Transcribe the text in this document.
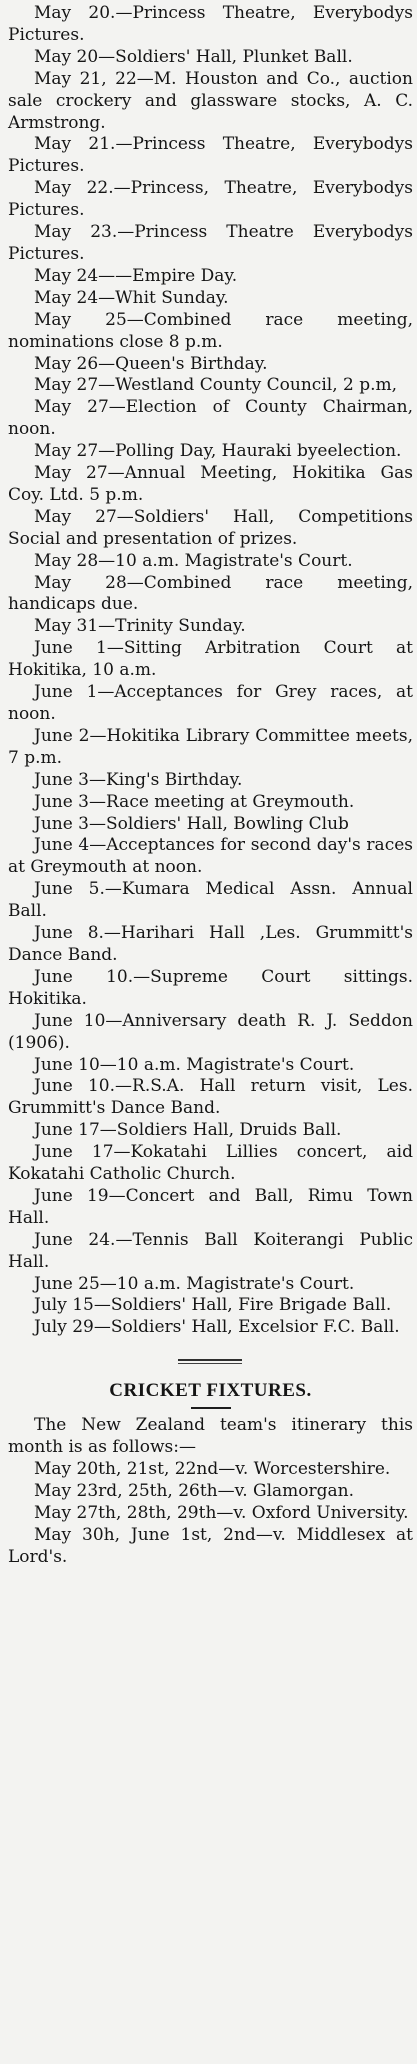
May 20.—Princess Theatre, Everybodys Pictures.

May 20—Soldiers' Hall, Plunket Ball.

May 21, 22—M. Houston and Co., auction sale crockery and glassware stocks, A. C. Armstrong.

May 21.—Princess Theatre, Everybodys Pictures.

May 22.—Princess, Theatre, Everybodys Pictures.

May 23.—Princess Theatre Everybodys Pictures.

May 24——Empire Day.

May 24—Whit Sunday.

May 25—Combined race meeting, nominations close 8 p.m.

May 26—Queen's Birthday.

May 27—Westland County Council, 2 p.m,

May 27—Election of County Chairman, noon.

May 27—Polling Day, Hauraki byeelection.

May 27—Annual Meeting, Hokitika Gas Coy. Ltd. 5 p.m.

May 27—Soldiers' Hall, Competitions Social and presentation of prizes.

May 28—10 a.m. Magistrate's Court.

May 28—Combined race meeting, handicaps due.

May 31—Trinity Sunday.

June 1—Sitting Arbitration Court at Hokitika, 10 a.m.

June 1—Acceptances for Grey races, at noon.

June 2—Hokitika Library Committee meets, 7 p.m.

June 3—King's Birthday.

June 3—Race meeting at Greymouth.

June 3—Soldiers' Hall, Bowling Club

June 4—Acceptances for second day's races at Greymouth at noon.

June 5.—Kumara Medical Assn. Annual Ball.

June 8.—Harihari Hall ,Les. Grummitt's Dance Band.

June 10.—Supreme Court sittings. Hokitika.

June 10—Anniversary death R. J. Seddon (1906).

June 10—10 a.m. Magistrate's Court.

June 10.—R.S.A. Hall return visit, Les. Grummitt's Dance Band.

June 17—Soldiers Hall, Druids Ball.

June 17—Kokatahi Lillies concert, aid Kokatahi Catholic Church.

June 19—Concert and Ball, Rimu Town Hall.

June 24.—Tennis Ball Koiterangi Public Hall.

June 25—10 a.m. Magistrate's Court.

July 15—Soldiers' Hall, Fire Brigade Ball.

July 29—Soldiers' Hall, Excelsior F.C. Ball.

CRICKET FIXTURES.

The New Zealand team's itinerary this month is as follows:—

May 20th, 21st, 22nd—v. Worcestershire.

May 23rd, 25th, 26th—v. Glamorgan.

May 27th, 28th, 29th—v. Oxford University.

May 30h, June 1st, 2nd—v. Middlesex at Lord's.
